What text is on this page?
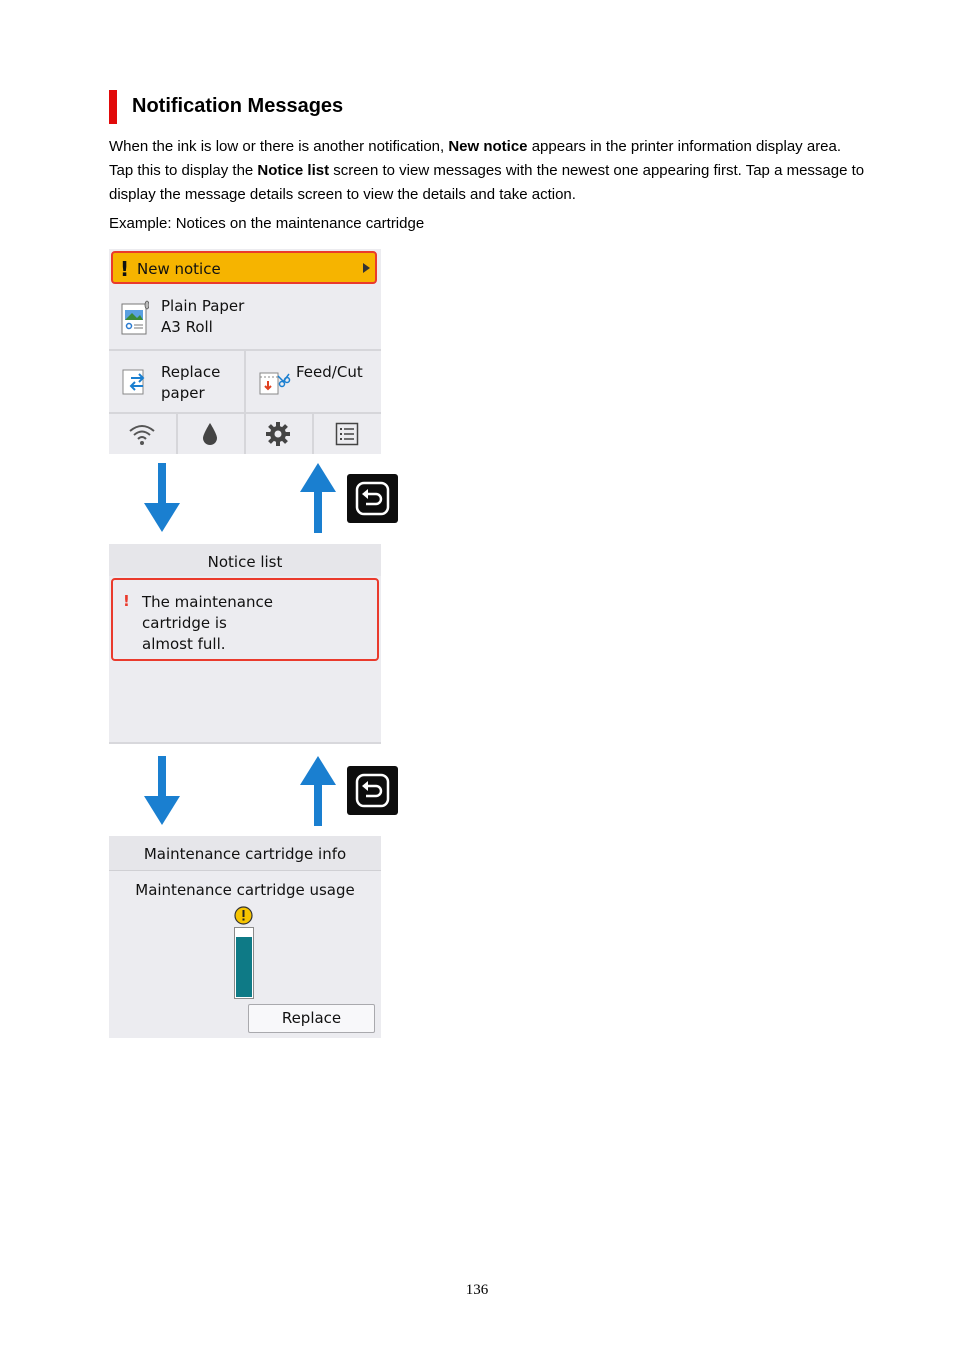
Notification Messages

When the ink is low or there is another notification, New notice appears in the printer information display area. Tap this to display the Notice list screen to view messages with the newest one appearing first. Tap a message to display the message details screen to view the details and take action.

Example: Notices on the maintenance cartridge

! New notice
Plain Paper
A3 Roll
Replace
paper
Feed/Cut
Notice list
! The maintenance
cartridge is
almost full.
Maintenance cartridge info
Maintenance cartridge usage
Replace
136
